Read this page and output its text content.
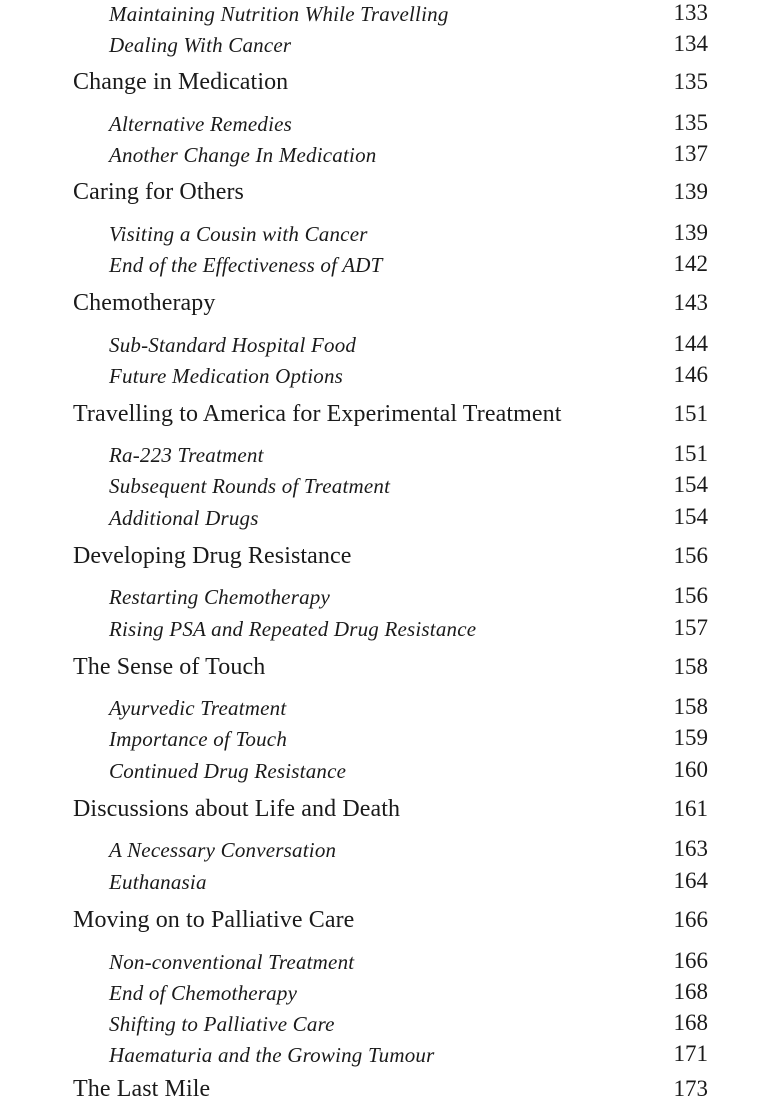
Maintaining Nutrition While Travelling	133
Dealing With Cancer	134
Change in Medication	135
Alternative Remedies	135
Another Change In Medication	137
Caring for Others	139
Visiting a Cousin with Cancer	139
End of the Effectiveness of ADT	142
Chemotherapy	143
Sub-Standard Hospital Food	144
Future Medication Options	146
Travelling to America for Experimental Treatment	151
Ra-223 Treatment	151
Subsequent Rounds of Treatment	154
Additional Drugs	154
Developing Drug Resistance	156
Restarting Chemotherapy	156
Rising PSA and Repeated Drug Resistance	157
The Sense of Touch	158
Ayurvedic Treatment	158
Importance of Touch	159
Continued Drug Resistance	160
Discussions about Life and Death	161
A Necessary Conversation	163
Euthanasia	164
Moving on to Palliative Care	166
Non-conventional Treatment	166
End of Chemotherapy	168
Shifting to Palliative Care	168
Haematuria and the Growing Tumour	171
The Last Mile	173
